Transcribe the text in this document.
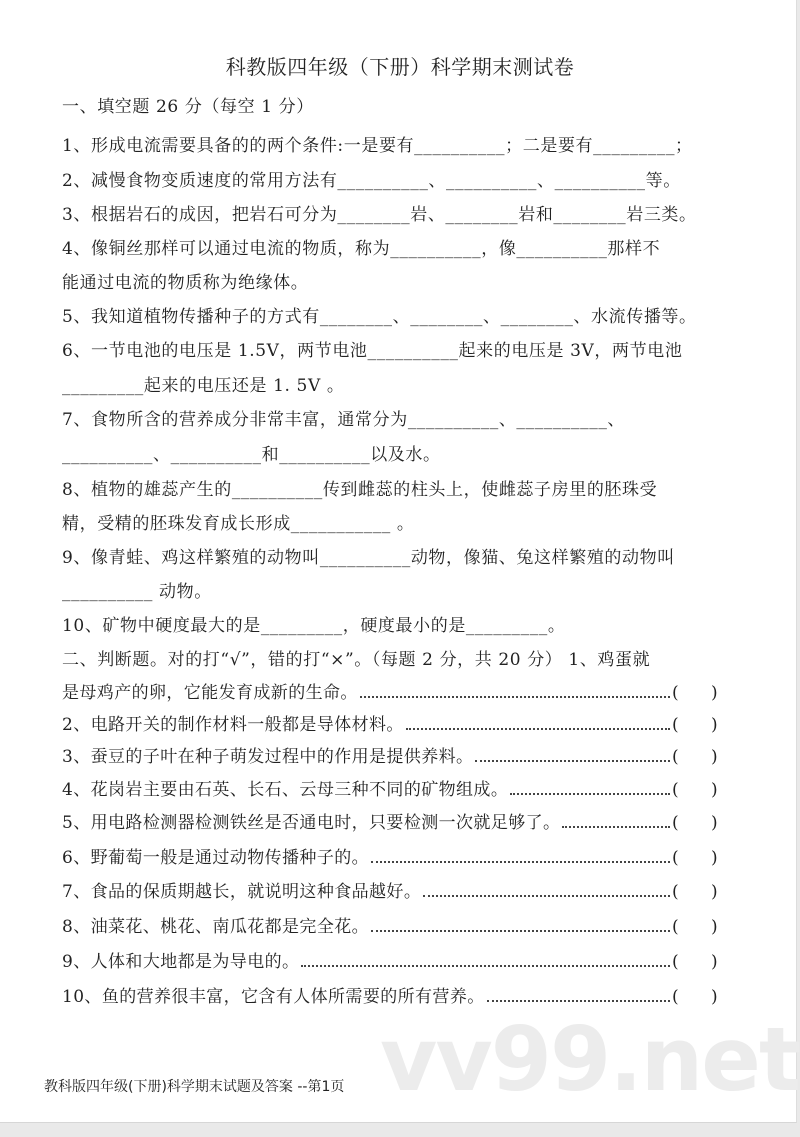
科教版四年级（下册）科学期末测试卷
一、填空题 26 分（每空 1 分）
1、形成电流需要具备的的两个条件:一是要有__________；二是要有_________；
2、减慢食物变质速度的常用方法有__________、__________、__________等。
3、根据岩石的成因，把岩石可分为________岩、________岩和________岩三类。
4、像铜丝那样可以通过电流的物质，称为__________，像__________那样不
能通过电流的物质称为绝缘体。
5、我知道植物传播种子的方式有________、________、________、水流传播等。
6、一节电池的电压是 1.5V，两节电池__________起来的电压是 3V，两节电池
_________起来的电压还是 1. 5V 。
7、食物所含的营养成分非常丰富，通常分为__________、__________、
__________、__________和__________以及水。
8、植物的雄蕊产生的__________传到雌蕊的柱头上，使雌蕊子房里的胚珠受
精，受精的胚珠发育成长形成___________ 。
9、像青蛙、鸡这样繁殖的动物叫__________动物，像猫、兔这样繁殖的动物叫
__________ 动物。
10、矿物中硬度最大的是_________，硬度最小的是_________。
二、判断题。对的打“√”，错的打“×”。（每题 2 分，共 20 分） 1、鸡蛋就
是母鸡产的卵，它能发育成新的生命。	( )
2、电路开关的制作材料一般都是导体材料。	( )
3、蚕豆的子叶在种子萌发过程中的作用是提供养料。	( )
4、花岗岩主要由石英、长石、云母三种不同的矿物组成。	( )
5、用电路检测器检测铁丝是否通电时，只要检测一次就足够了。	( )
6、野葡萄一般是通过动物传播种子的。	( )
7、食品的保质期越长，就说明这种食品越好。	( )
8、油菜花、桃花、南瓜花都是完全花。	( )
9、人体和大地都是为导电的。	( )
10、鱼的营养很丰富，它含有人体所需要的所有营养。	( )
vv99.net
教科版四年级(下册)科学期末试题及答案 --第1页
